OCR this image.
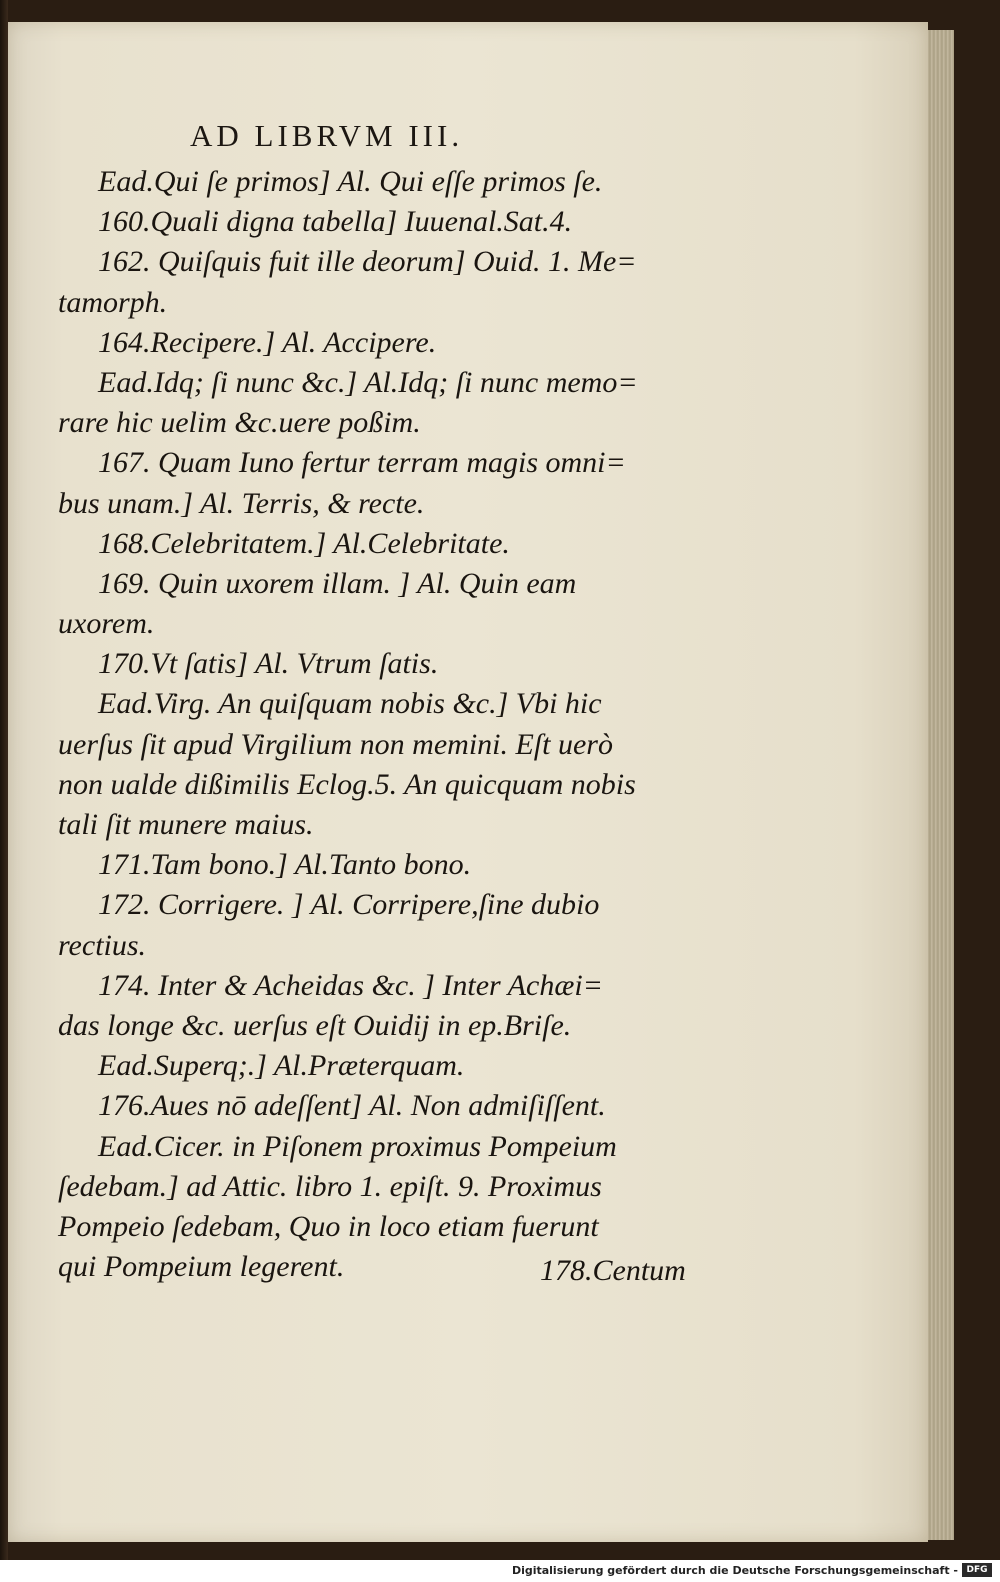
AD LIBRVM III.
Ead.Qui ſe primos] Al. Qui eſſe primos ſe.
160.Quali digna tabella] Iuuenal.Sat.4.
162. Quiſquis fuit ille deorum] Ouid. 1. Me=
tamorph.
164.Recipere.] Al. Accipere.
Ead.Idq; ſi nunc &c.] Al.Idq; ſi nunc memo=
rare hic uelim &c.uere poßim.
167. Quam Iuno fertur terram magis omni=
bus unam.] Al. Terris, & recte.
168.Celebritatem.] Al.Celebritate.
169. Quin uxorem illam. ] Al. Quin eam
uxorem.
170.Vt ſatis] Al. Vtrum ſatis.
Ead.Virg. An quiſquam nobis &c.] Vbi hic
uerſus ſit apud Virgilium non memini. Eſt uerò
non ualde dißimilis Eclog.5. An quicquam nobis
tali ſit munere maius.
171.Tam bono.] Al.Tanto bono.
172. Corrigere. ] Al. Corripere,ſine dubio
rectius.
174. Inter & Acheidas &c. ] Inter Achæi=
das longe &c. uerſus eſt Ouidij in ep.Briſe.
Ead.Superq;.] Al.Præterquam.
176.Aues nō adeſſent] Al. Non admiſiſſent.
Ead.Cicer. in Piſonem proximus Pompeium
ſedebam.] ad Attic. libro 1. epiſt. 9. Proximus
Pompeio ſedebam, Quo in loco etiam fuerunt
qui Pompeium legerent.	178.Centum
Digitalisierung gefördert durch die Deutsche Forschungsgemeinschaft - DFG
